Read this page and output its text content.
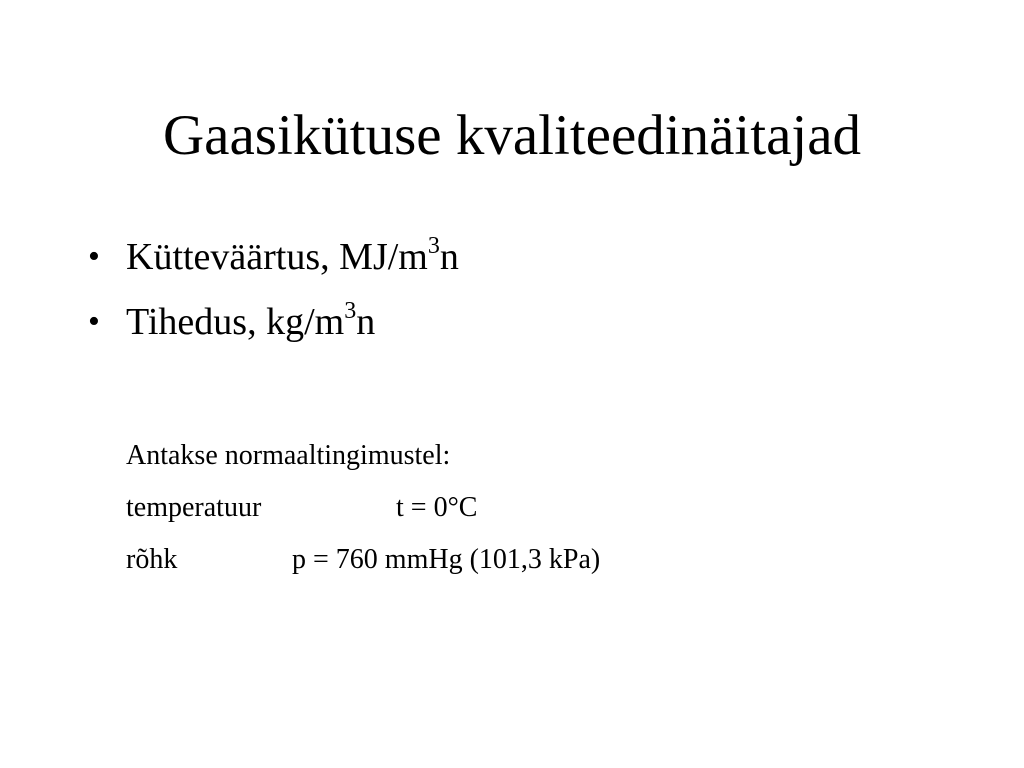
Gaasikütuse kvaliteedinäitajad
• Kütteväärtus, $MJ/m^3n$
• Tihedus, $kg/m^3n$
Antakse normaaltingimustel:
temperatuur	t = 0°C
rõhk	p = 760 mmHg (101,3 kPa)
